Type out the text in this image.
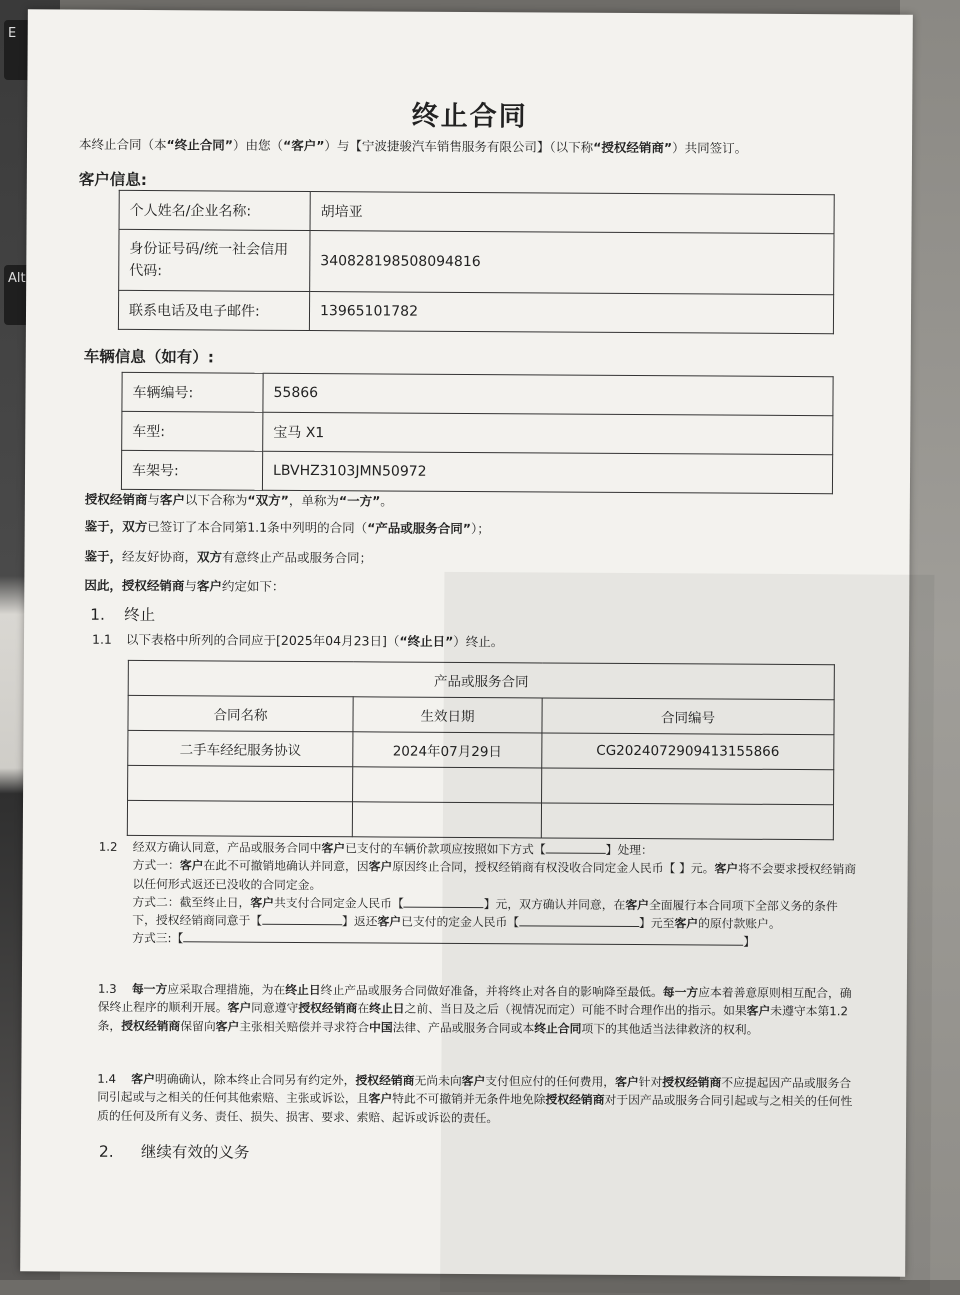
E
Alt
终止合同
本终止合同（本“终止合同”）由您（“客户”）与【宁波捷骏汽车销售服务有限公司】（以下称“授权经销商”）共同签订。
客户信息:
个人姓名/企业名称:	胡培亚
身份证号码/统一社会信用代码:	340828198508094816
联系电话及电子邮件:	13965101782
车辆信息（如有）:
车辆编号:	55866
车型:	宝马 X1
车架号:	LBVHZ3103JMN50972
授权经销商与客户以下合称为“双方”，单称为“一方”。
鉴于，双方已签订了本合同第1.1条中列明的合同（“产品或服务合同”）；
鉴于，经友好协商，双方有意终止产品或服务合同；
因此，授权经销商与客户约定如下：
1. 终止
1.1 以下表格中所列的合同应于[2025年04月23日]（“终止日”）终止。
产品或服务合同		
合同名称	生效日期	合同编号
二手车经纪服务协议	2024年07月29日	CG2024072909413155866

1.2 经双方确认同意，产品或服务合同中客户已支付的车辆价款项应按照如下方式【	】处理：
方式一：客户在此不可撤销地确认并同意，因客户原因终止合同，授权经销商有权没收合同定金人民币【 】元。客户将不会要求授权经销商以任何形式返还已没收的合同定金。
方式二：截至终止日，客户共支付合同定金人民币【	】元，双方确认并同意，在客户全面履行本合同项下全部义务的条件下，授权经销商同意于【	】返还客户已支付的定金人民币【	】元至客户的原付款账户。
方式三:【	】
1.3 每一方应采取合理措施，为在终止日终止产品或服务合同做好准备，并将终止对各自的影响降至最低。每一方应本着善意原则相互配合，确保终止程序的顺利开展。客户同意遵守授权经销商在终止日之前、当日及之后（视情况而定）可能不时合理作出的指示。如果客户未遵守本第1.2条，授权经销商保留向客户主张相关赔偿并寻求符合中国法律、产品或服务合同或本终止合同项下的其他适当法律救济的权利。
1.4 客户明确确认，除本终止合同另有约定外，授权经销商无尚未向客户支付但应付的任何费用，客户针对授权经销商不应提起因产品或服务合同引起或与之相关的任何其他索赔、主张或诉讼，且客户特此不可撤销并无条件地免除授权经销商对于因产品或服务合同引起或与之相关的任何性质的任何及所有义务、责任、损失、损害、要求、索赔、起诉或诉讼的责任。
2. 继续有效的义务
